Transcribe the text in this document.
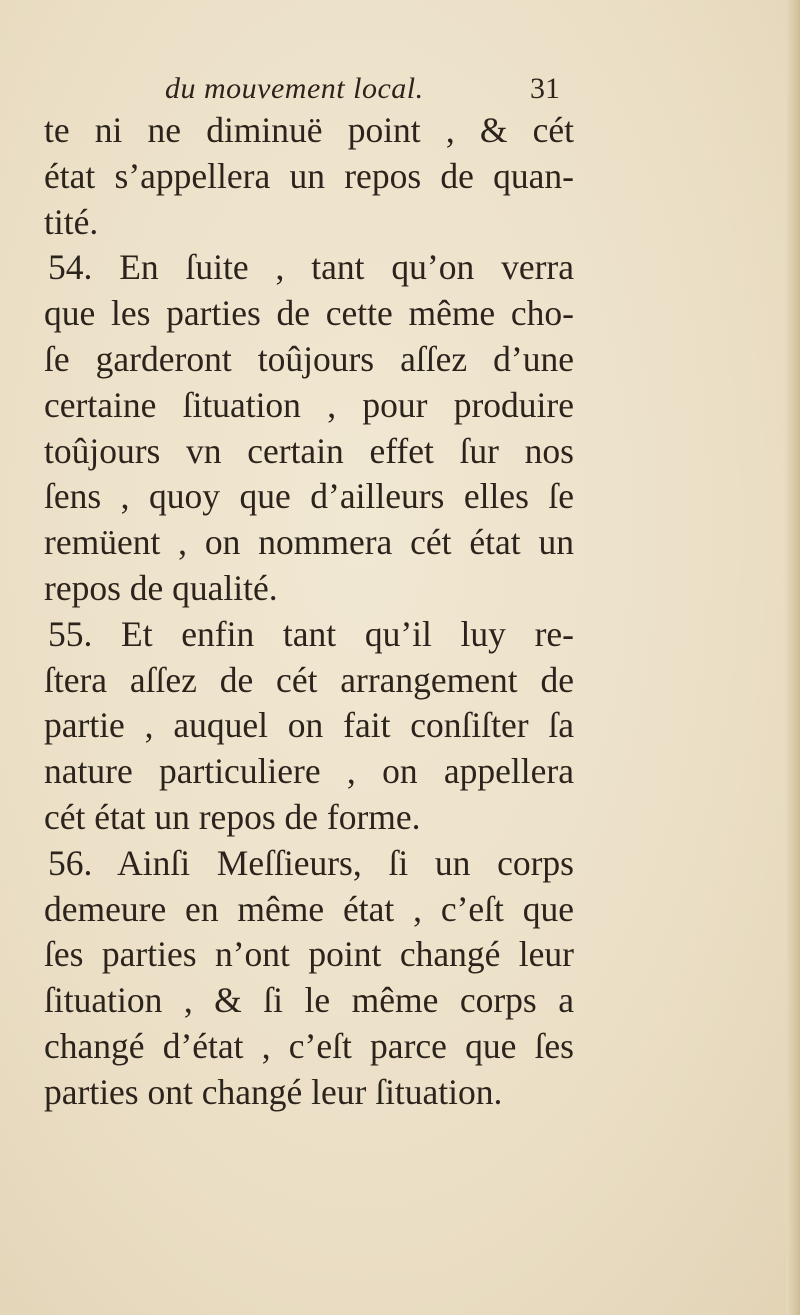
du mouvement local.	31
te ni ne diminuë point , & cét
état s’appellera un repos de quan-
tité.
54. En ſuite , tant qu’on verra
que les parties de cette même cho-
ſe garderont toûjours aſſez d’une
certaine ſituation , pour produire
toûjours vn certain effet ſur nos
ſens , quoy que d’ailleurs elles ſe
remüent , on nommera cét état un
repos de qualité.
55. Et enfin tant qu’il luy re-
ſtera aſſez de cét arrangement de
partie , auquel on fait conſiſter ſa
nature particuliere , on appellera
cét état un repos de forme.
56. Ainſi Meſſieurs, ſi un corps
demeure en même état , c’eſt que
ſes parties n’ont point changé leur
ſituation , & ſi le même corps a
changé d’état , c’eſt parce que ſes
parties ont changé leur ſituation.
